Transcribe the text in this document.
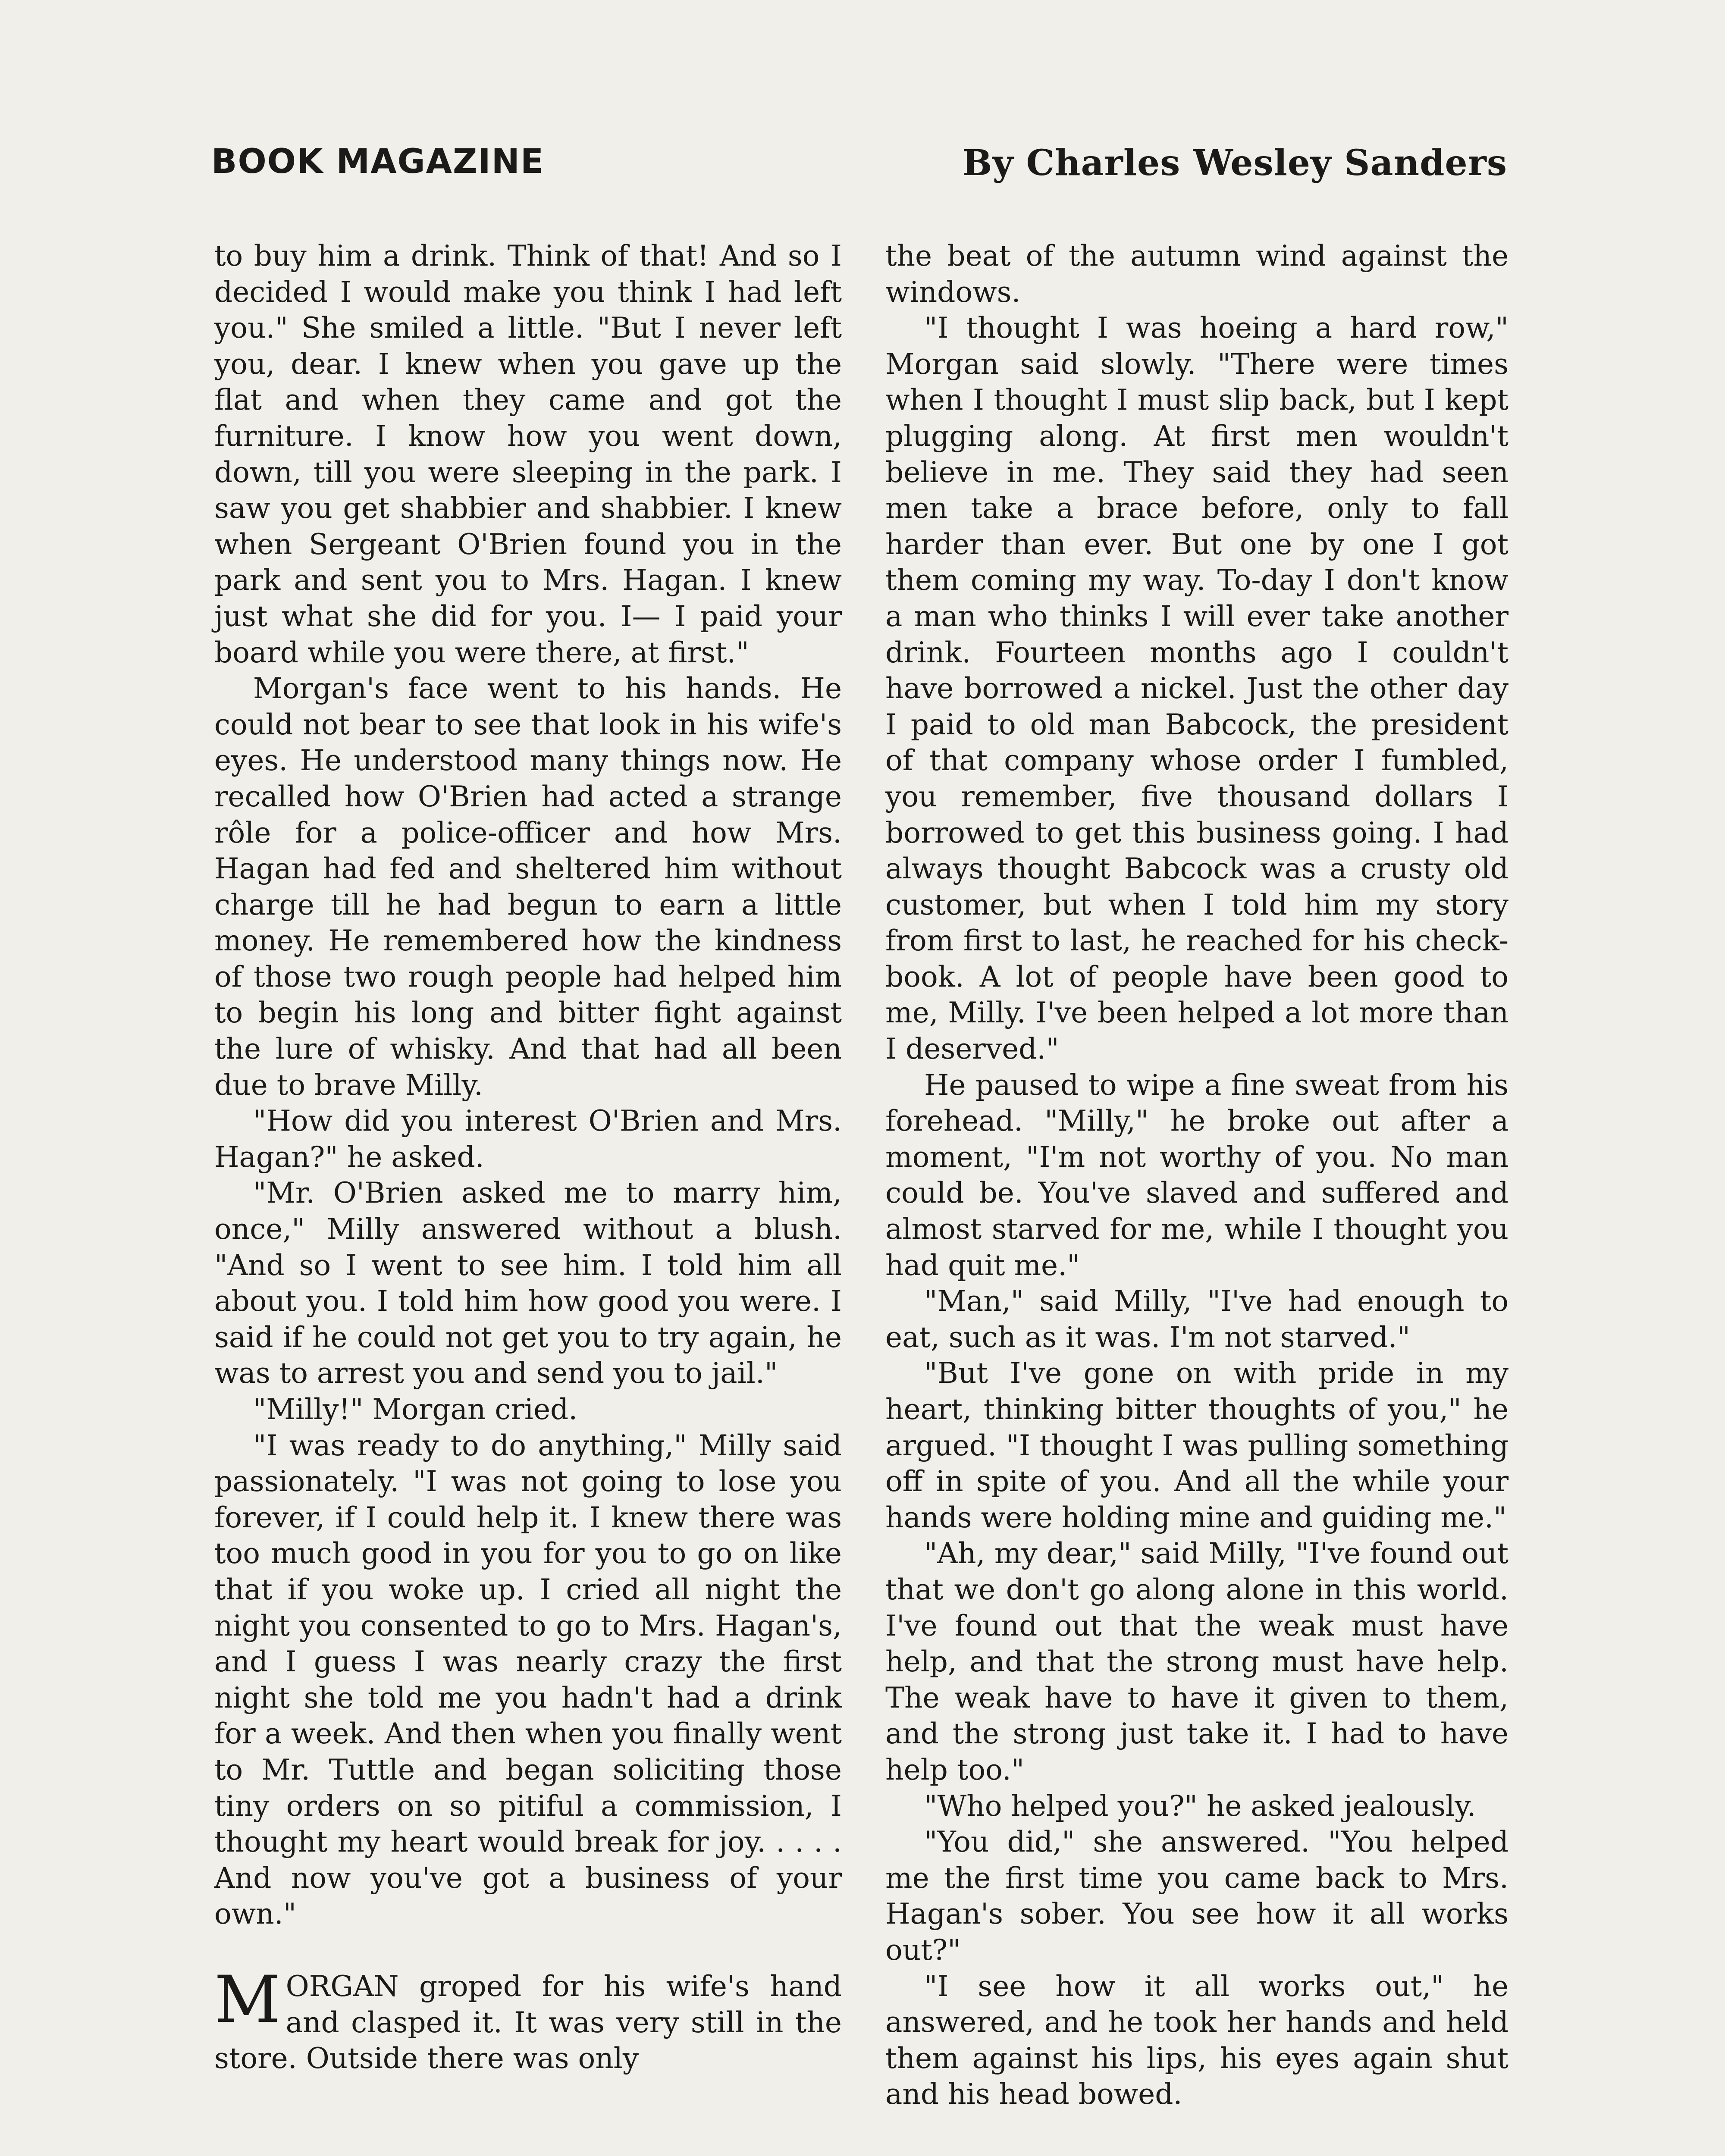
BOOK MAGAZINE	By Charles Wesley Sanders

to buy him a drink. Think of that! And so I decided I would make you think I had left you." She smiled a little. "But I never left you, dear. I knew when you gave up the flat and when they came and got the furniture. I know how you went down, down, till you were sleeping in the park. I saw you get shabbier and shabbier. I knew when Sergeant O'Brien found you in the park and sent you to Mrs. Hagan. I knew just what she did for you. I— I paid your board while you were there, at first."

Morgan's face went to his hands. He could not bear to see that look in his wife's eyes. He understood many things now. He recalled how O'Brien had acted a strange rôle for a police-officer and how Mrs. Hagan had fed and sheltered him without charge till he had begun to earn a little money. He remembered how the kindness of those two rough people had helped him to begin his long and bitter fight against the lure of whisky. And that had all been due to brave Milly.

"How did you interest O'Brien and Mrs. Hagan?" he asked.

"Mr. O'Brien asked me to marry him, once," Milly answered without a blush. "And so I went to see him. I told him all about you. I told him how good you were. I said if he could not get you to try again, he was to arrest you and send you to jail."

"Milly!" Morgan cried.

"I was ready to do anything," Milly said passionately. "I was not going to lose you forever, if I could help it. I knew there was too much good in you for you to go on like that if you woke up. I cried all night the night you consented to go to Mrs. Hagan's, and I guess I was nearly crazy the first night she told me you hadn't had a drink for a week. And then when you finally went to Mr. Tuttle and began soliciting those tiny orders on so pitiful a commission, I thought my heart would break for joy. . . . . And now you've got a business of your own."

MORGAN groped for his wife's hand and clasped it. It was very still in the store. Outside there was only

the beat of the autumn wind against the windows.

"I thought I was hoeing a hard row," Morgan said slowly. "There were times when I thought I must slip back, but I kept plugging along. At first men wouldn't believe in me. They said they had seen men take a brace before, only to fall harder than ever. But one by one I got them coming my way. To-day I don't know a man who thinks I will ever take another drink. Fourteen months ago I couldn't have borrowed a nickel. Just the other day I paid to old man Babcock, the president of that company whose order I fumbled, you remember, five thousand dollars I borrowed to get this business going. I had always thought Babcock was a crusty old customer, but when I told him my story from first to last, he reached for his check-book. A lot of people have been good to me, Milly. I've been helped a lot more than I deserved."

He paused to wipe a fine sweat from his forehead. "Milly," he broke out after a moment, "I'm not worthy of you. No man could be. You've slaved and suffered and almost starved for me, while I thought you had quit me."

"Man," said Milly, "I've had enough to eat, such as it was. I'm not starved."

"But I've gone on with pride in my heart, thinking bitter thoughts of you," he argued. "I thought I was pulling something off in spite of you. And all the while your hands were holding mine and guiding me."

"Ah, my dear," said Milly, "I've found out that we don't go along alone in this world. I've found out that the weak must have help, and that the strong must have help. The weak have to have it given to them, and the strong just take it. I had to have help too."

"Who helped you?" he asked jealously.

"You did," she answered. "You helped me the first time you came back to Mrs. Hagan's sober. You see how it all works out?"

"I see how it all works out," he answered, and he took her hands and held them against his lips, his eyes again shut and his head bowed.
